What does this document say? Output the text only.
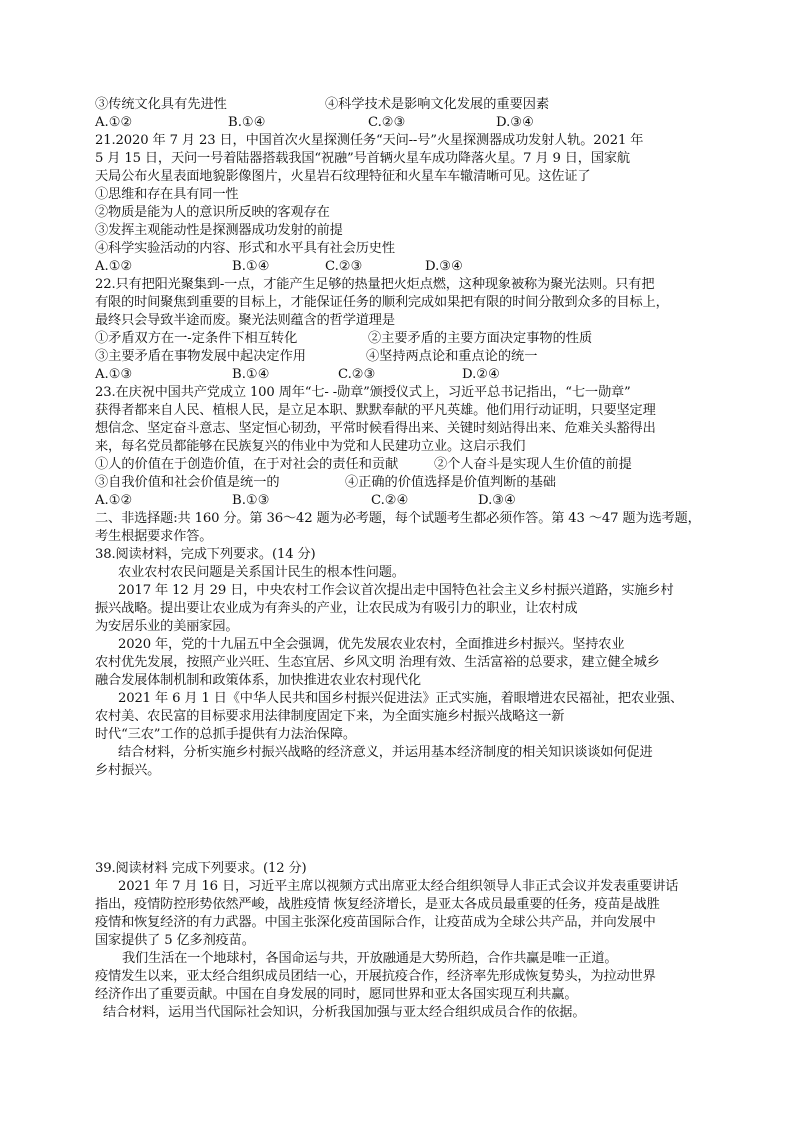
③传统文化具有先进性	④科学技术是影响文化发展的重要因素
A.①②	B.①④	C.②③	D.③④
21.2020 年 7 月 23 日，中国首次火星探测任务“天问--号”火星探测器成功发射人轨。2021 年
5 月 15 日，天问一号着陆器搭载我国“祝融”号首辆火星车成功降落火星。7 月 9 日，国家航
天局公布火星表面地貌影像图片，火星岩石纹理特征和火星车车辙清晰可见。这佐证了
①思维和存在具有同一性
②物质是能为人的意识所反映的客观存在
③发挥主观能动性是探测器成功发射的前提
④科学实验活动的内容、形式和水平具有社会历史性
A.①②	B.①④	C.②③	D.③④
22.只有把阳光聚集到-一点，才能产生足够的热量把火炬点燃，这种现象被称为聚光法则。只有把
有限的时间聚焦到重要的目标上，才能保证任务的顺利完成如果把有限的时间分散到众多的目标上，
最终只会导致半途而废。聚光法则蕴含的哲学道理是
①矛盾双方在一-定条件下相互转化	②主要矛盾的主要方面决定事物的性质
③主要矛盾在事物发展中起决定作用	④坚持两点论和重点论的统一
A.①③	B.①④	C.②③	D.②④
23.在庆祝中国共产党成立 100 周年“七- -勋章”颁授仪式上，习近平总书记指出，“七一勋章”
获得者都来自人民、植根人民，是立足本职、默默奉献的平凡英雄。他们用行动证明，只要坚定理
想信念、坚定奋斗意志、坚定恒心韧劲，平常时候看得出来、关键时刻站得出来、危难关头豁得出
来，每名党员都能够在民族复兴的伟业中为党和人民建功立业。这启示我们
①人的价值在于创造价值，在于对社会的责任和贡献	②个人奋斗是实现人生价值的前提
③自我价值和社会价值是统一的	④正确的价值选择是价值判断的基础
A.①②	B.①③	C.②④	D.③④
二、非选择题:共 160 分。第 36～42 题为必考题，每个试题考生都必须作答。第 43 ～47 题为选考题，
考生根据要求作答。
38.阅读材料，完成下列要求。(14 分)
农业农村农民问题是关系国计民生的根本性问题。
2017 年 12 月 29 日，中央农村工作会议首次提出走中国特色社会主义乡村振兴道路，实施乡村
振兴战略。提出要让农业成为有奔头的产业，让农民成为有吸引力的职业，让农村成
为安居乐业的美丽家园。
2020 年，党的十九届五中全会强调，优先发展农业农村，全面推进乡村振兴。坚持农业
农村优先发展，按照产业兴旺、生态宜居、乡风文明 治理有效、生活富裕的总要求，建立健全城乡
融合发展体制机制和政策体系，加快推进农业农村现代化
2021 年 6 月 1 日《中华人民共和国乡村振兴促进法》正式实施，着眼增进农民福祉，把农业强、
农村美、农民富的目标要求用法律制度固定下来，为全面实施乡村振兴战略这一新
时代“三农”工作的总抓手提供有力法治保障。
结合材料，分析实施乡村振兴战略的经济意义，并运用基本经济制度的相关知识谈谈如何促进
乡村振兴。
39.阅读材料 完成下列要求。(12 分)
2021 年 7 月 16 日，习近平主席以视频方式出席亚太经合组织领导人非正式会议并发表重要讲话
指出，疫情防控形势依然严峻，战胜疫情 恢复经济增长，是亚太各成员最重要的任务，疫苗是战胜
疫情和恢复经济的有力武器。中国主张深化疫苗国际合作，让疫苗成为全球公共产品，并向发展中
国家提供了 5 亿多剂疫苗。
我们生活在一个地球村，各国命运与共，开放融通是大势所趋，合作共赢是唯一正道。
疫情发生以来，亚太经合组织成员团结一心，开展抗疫合作，经济率先形成恢复势头，为拉动世界
经济作出了重要贡献。中国在自身发展的同时，愿同世界和亚太各国实现互利共赢。
结合材料，运用当代国际社会知识，分析我国加强与亚太经合组织成员合作的依据。
